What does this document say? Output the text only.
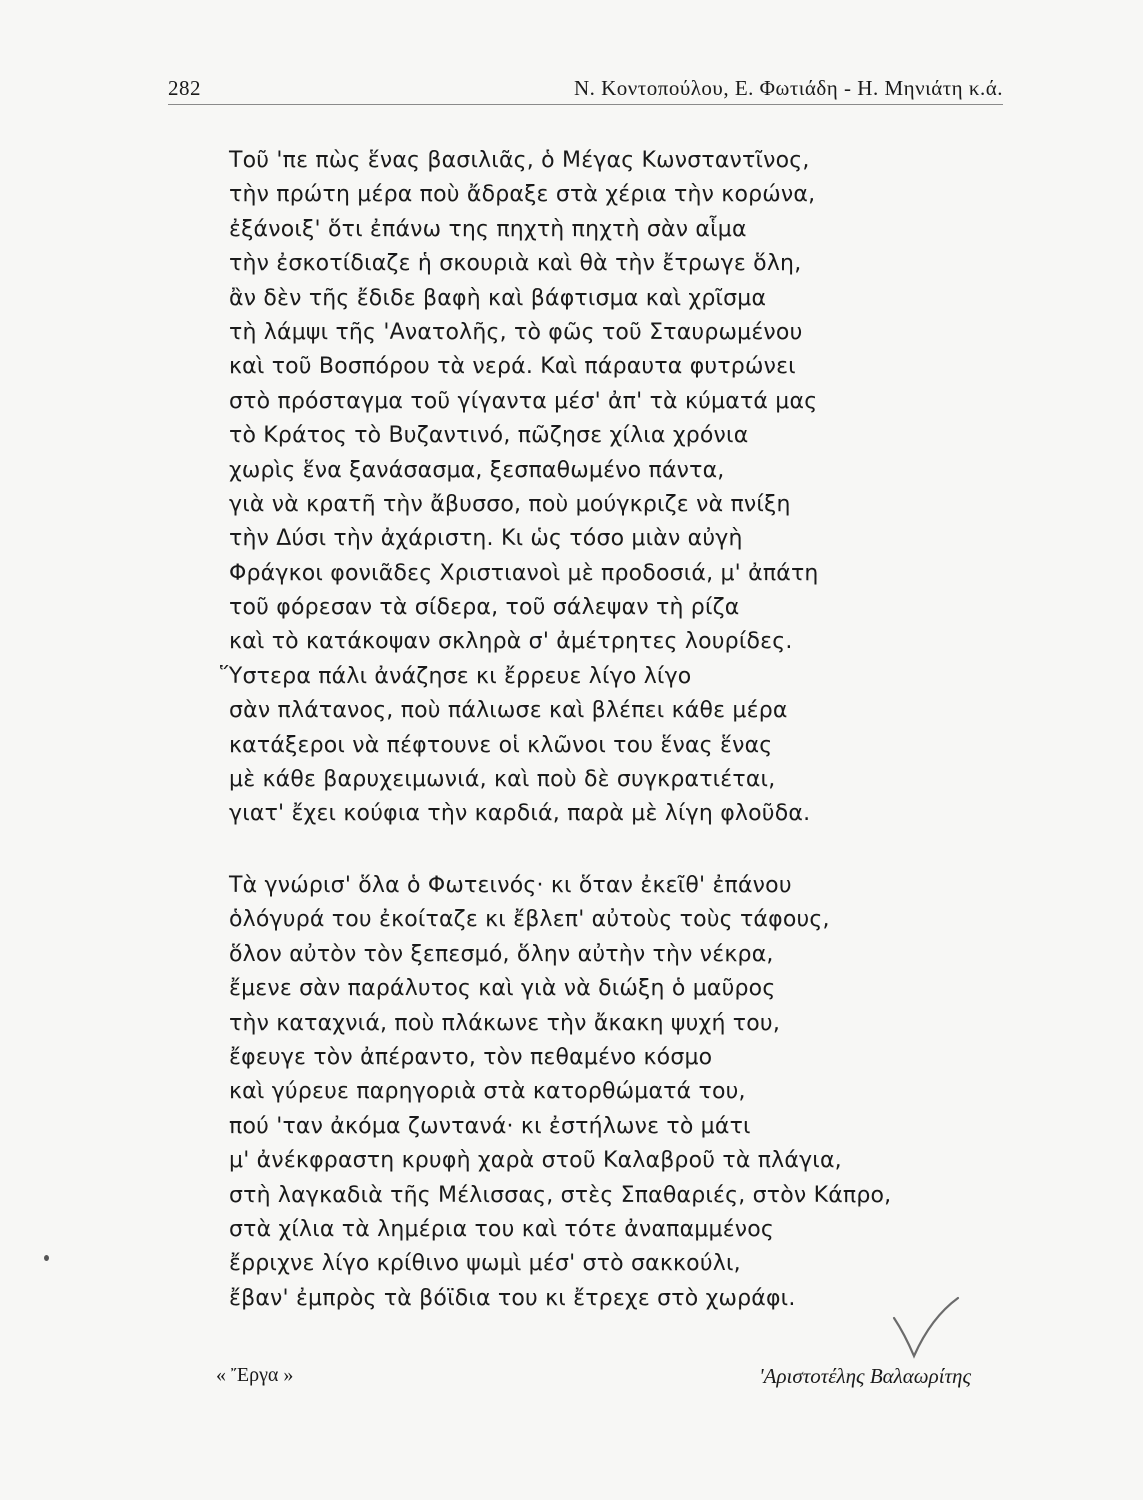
282	Ν. Κοντοπούλου, Ε. Φωτιάδη - Η. Μηνιάτη κ.ά.
Τοῦ 'πε πὼς ἕνας βασιλιᾶς, ὁ Μέγας Κωνσταντῖνος,
τὴν πρώτη μέρα ποὺ ἄδραξε στὰ χέρια τὴν κορώνα,
ἐξάνοιξ' ὅτι ἐπάνω της πηχτὴ πηχτὴ σὰν αἷμα
τὴν ἐσκοτίδιαζε ἡ σκουριὰ καὶ θὰ τὴν ἔτρωγε ὅλη,
ἂν δὲν τῆς ἔδιδε βαφὴ καὶ βάφτισμα καὶ χρῖσμα
τὴ λάμψι τῆς 'Ανατολῆς, τὸ φῶς τοῦ Σταυρωμένου
καὶ τοῦ Βοσπόρου τὰ νερά. Καὶ πάραυτα φυτρώνει
στὸ πρόσταγμα τοῦ γίγαντα μέσ' ἀπ' τὰ κύματά μας
τὸ Κράτος τὸ Βυζαντινό, πῶζησε χίλια χρόνια
χωρὶς ἕνα ξανάσασμα, ξεσπαθωμένο πάντα,
γιὰ νὰ κρατῆ τὴν ἄβυσσο, ποὺ μούγκριζε νὰ πνίξη
τὴν Δύσι τὴν ἀχάριστη. Κι ὡς τόσο μιὰν αὐγὴ
Φράγκοι φονιᾶδες Χριστιανοὶ μὲ προδοσιά, μ' ἀπάτη
τοῦ φόρεσαν τὰ σίδερα, τοῦ σάλεψαν τὴ ρίζα
καὶ τὸ κατάκοψαν σκληρὰ σ' ἀμέτρητες λουρίδες.
Ὕστερα πάλι ἀνάζησε κι ἔρρευε λίγο λίγο
σὰν πλάτανος, ποὺ πάλιωσε καὶ βλέπει κάθε μέρα
κατάξεροι νὰ πέφτουνε οἱ κλῶνοι του ἕνας ἕνας
μὲ κάθε βαρυχειμωνιά, καὶ ποὺ δὲ συγκρατιέται,
γιατ' ἔχει κούφια τὴν καρδιά, παρὰ μὲ λίγη φλοῦδα.
Τὰ γνώρισ' ὅλα ὁ Φωτεινός· κι ὅταν ἐκεῖθ' ἐπάνου
ὁλόγυρά του ἐκοίταζε κι ἔβλεπ' αὐτοὺς τοὺς τάφους,
ὅλον αὐτὸν τὸν ξεπεσμό, ὅλην αὐτὴν τὴν νέκρα,
ἔμενε σὰν παράλυτος καὶ γιὰ νὰ διώξη ὁ μαῦρος
τὴν καταχνιά, ποὺ πλάκωνε τὴν ἄκακη ψυχή του,
ἔφευγε τὸν ἀπέραντο, τὸν πεθαμένο κόσμο
καὶ γύρευε παρηγοριὰ στὰ κατορθώματά του,
πού 'ταν ἀκόμα ζωντανά· κι ἐστήλωνε τὸ μάτι
μ' ἀνέκφραστη κρυφὴ χαρὰ στοῦ Καλαβροῦ τὰ πλάγια,
στὴ λαγκαδιὰ τῆς Μέλισσας, στὲς Σπαθαριές, στὸν Κάπρο,
στὰ χίλια τὰ λημέρια του καὶ τότε ἀναπαμμένος
ἔρριχνε λίγο κρίθινο ψωμὶ μέσ' στὸ σακκούλι,
ἔβαν' ἐμπρὸς τὰ βόϊδια του κι ἔτρεχε στὸ χωράφι.
« Ἔργα »	'Αριστοτέλης Βαλαωρίτης
